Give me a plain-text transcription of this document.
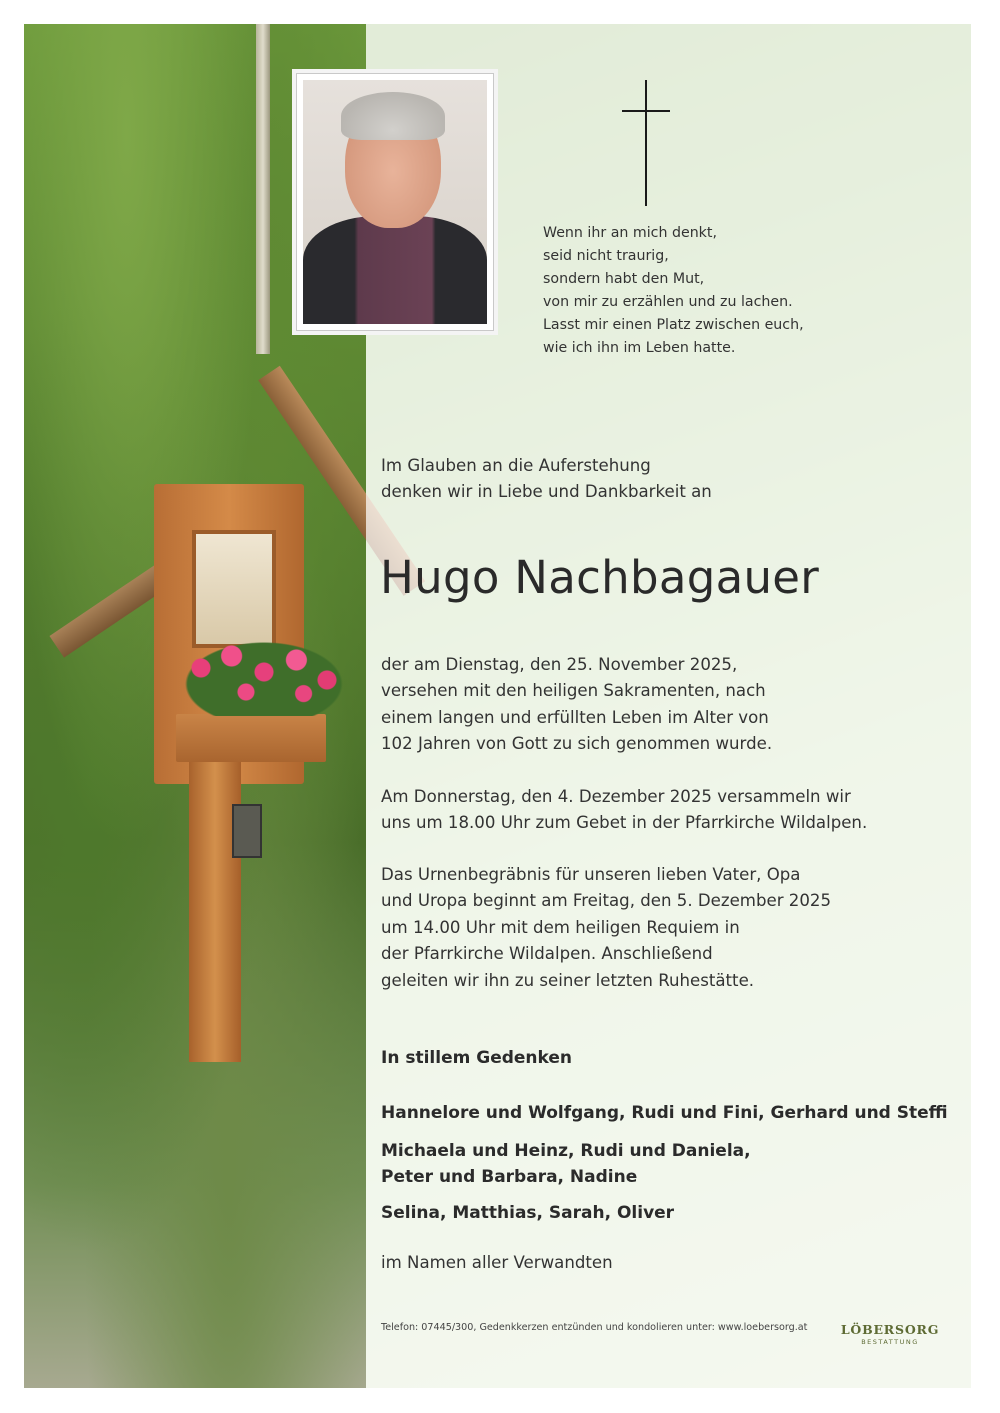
Wenn ihr an mich denkt,
seid nicht traurig,
sondern habt den Mut,
von mir zu erzählen und zu lachen.
Lasst mir einen Platz zwischen euch,
wie ich ihn im Leben hatte.
Im Glauben an die Auferstehung
denken wir in Liebe und Dankbarkeit an
Hugo Nachbagauer
der am Dienstag, den 25. November 2025,
versehen mit den heiligen Sakramenten, nach
einem langen und erfüllten Leben im Alter von
102 Jahren von Gott zu sich genommen wurde.
Am Donnerstag, den 4. Dezember 2025 versammeln wir
uns um 18.00 Uhr zum Gebet in der Pfarrkirche Wildalpen.
Das Urnenbegräbnis für unseren lieben Vater, Opa
und Uropa beginnt am Freitag, den 5. Dezember 2025
um 14.00 Uhr mit dem heiligen Requiem in
der Pfarrkirche Wildalpen. Anschließend
geleiten wir ihn zu seiner letzten Ruhestätte.
In stillem Gedenken
Hannelore und Wolfgang, Rudi und Fini, Gerhard und Steffi
Michaela und Heinz, Rudi und Daniela,
Peter und Barbara, Nadine
Selina, Matthias, Sarah, Oliver
im Namen aller Verwandten
Telefon: 07445/300, Gedenkkerzen entzünden und kondolieren unter: www.loebersorg.at	LÖBERSORG
BESTATTUNG
